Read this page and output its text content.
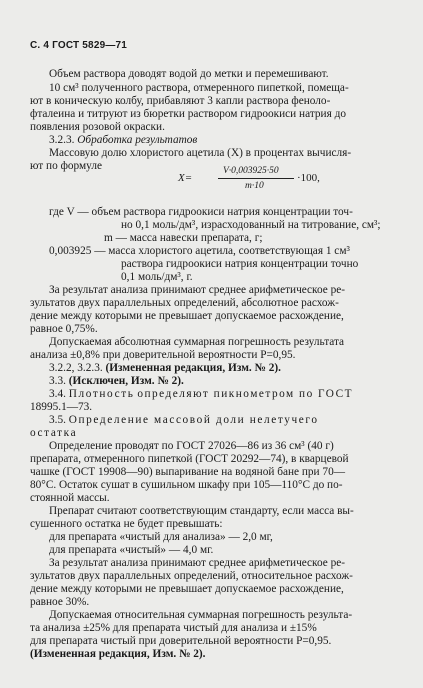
С. 4 ГОСТ 5829—71
Объем раствора доводят водой до метки и перемешивают.
10 см³ полученного раствора, отмеренного пипеткой, помеща-
ют в коническую колбу, прибавляют 3 капли раствора феноло-
фталеина и титруют из бюретки раствором гидроокиси натрия до
появления розовой окраски.
3.2.3. Обработка результатов
Массовую долю хлористого ацетила (X) в процентах вычисля-
ют по формуле
X=
V·0,003925·50
m·10
·100,
где V — объем раствора гидроокиси натрия концентрации точ-
но 0,1 моль/дм³, израсходованный на титрование, см³;
m — масса навески препарата, г;
0,003925 — масса хлористого ацетила, соответствующая 1 см³
раствора гидроокиси натрия концентрации точно
0,1 моль/дм³, г.
За результат анализа принимают среднее арифметическое ре-
зультатов двух параллельных определений, абсолютное расхож-
дение между которыми не превышает допускаемое расхождение,
равное 0,75%.
Допускаемая абсолютная суммарная погрешность результата
анализа ±0,8% при доверительной вероятности P=0,95.
3.2.2, 3.2.3. (Измененная редакция, Изм. № 2).
3.3. (Исключен, Изм. № 2).
3.4. Плотность определяют пикнометром по ГОСТ
18995.1—73.
3.5. Определение массовой доли нелетучего
остатка
Определение проводят по ГОСТ 27026—86 из 36 см³ (40 г)
препарата, отмеренного пипеткой (ГОСТ 20292—74), в кварцевой
чашке (ГОСТ 19908—90) выпаривание на водяной бане при 70—
80°С. Остаток сушат в сушильном шкафу при 105—110°С до по-
стоянной массы.
Препарат считают соответствующим стандарту, если масса вы-
сушенного остатка не будет превышать:
для препарата «чистый для анализа» — 2,0 мг,
для препарата «чистый» — 4,0 мг.
За результат анализа принимают среднее арифметическое ре-
зультатов двух параллельных определений, относительное расхож-
дение между которыми не превышает допускаемое расхождение,
равное 30%.
Допускаемая относительная суммарная погрешность результа-
та анализа ±25% для препарата чистый для анализа и ±15%
для препарата чистый при доверительной вероятности P=0,95.
(Измененная редакция, Изм. № 2).
